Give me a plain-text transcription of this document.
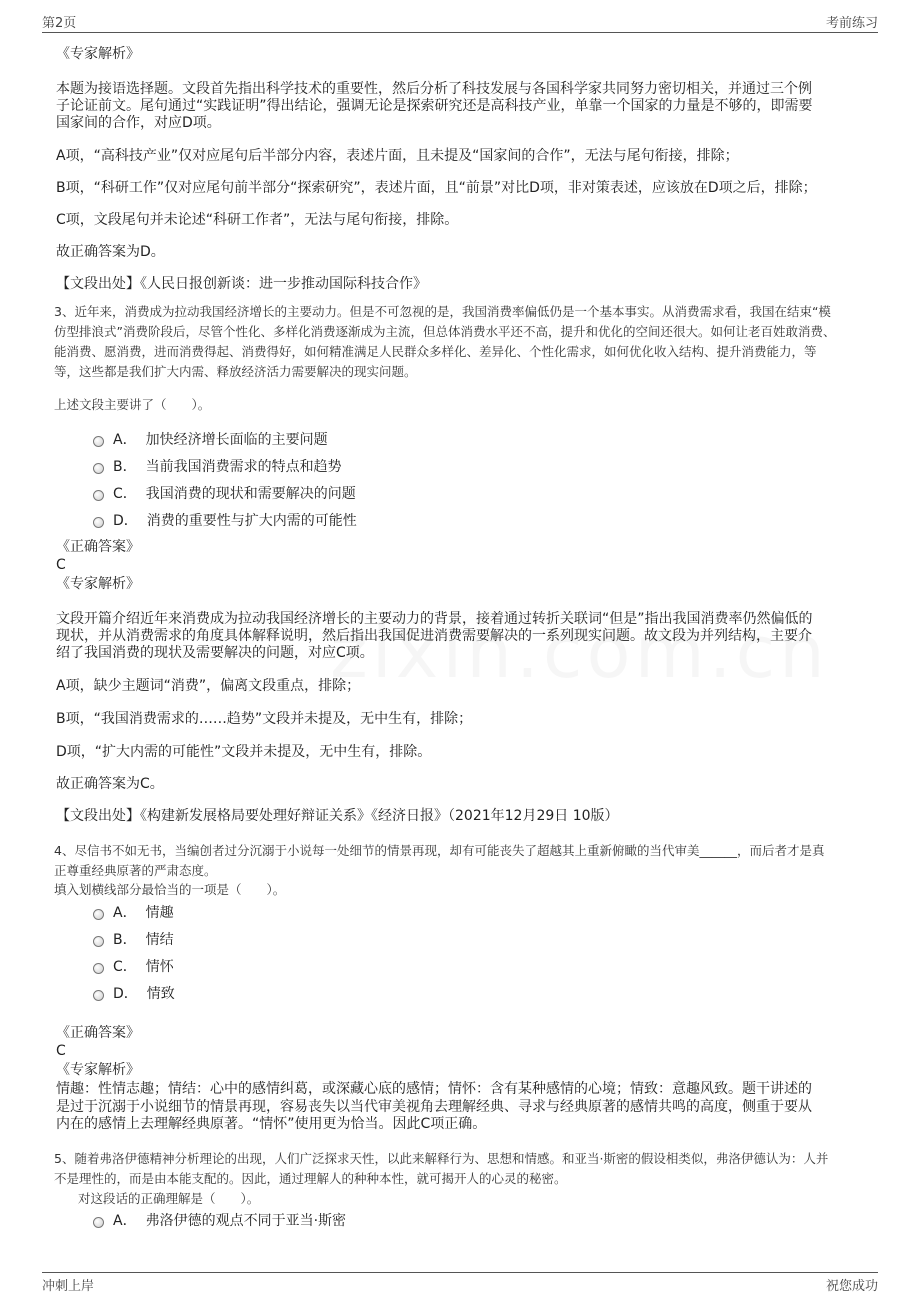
第2页	考前练习
《专家解析》
本题为接语选择题。文段首先指出科学技术的重要性，然后分析了科技发展与各国科学家共同努力密切相关，并通过三个例
子论证前文。尾句通过“实践证明”得出结论，强调无论是探索研究还是高科技产业，单靠一个国家的力量是不够的，即需要
国家间的合作，对应D项。
A项，“高科技产业”仅对应尾句后半部分内容，表述片面，且未提及“国家间的合作”，无法与尾句衔接，排除；
B项，“科研工作”仅对应尾句前半部分“探索研究”，表述片面，且“前景”对比D项，非对策表述，应该放在D项之后，排除；
C项，文段尾句并未论述“科研工作者”，无法与尾句衔接，排除。
故正确答案为D。
【文段出处】《人民日报创新谈：进一步推动国际科技合作》
3、近年来，消费成为拉动我国经济增长的主要动力。但是不可忽视的是，我国消费率偏低仍是一个基本事实。从消费需求看，我国在结束“模
仿型排浪式”消费阶段后，尽管个性化、多样化消费逐渐成为主流，但总体消费水平还不高，提升和优化的空间还很大。如何让老百姓敢消费、
能消费、愿消费，进而消费得起、消费得好，如何精准满足人民群众多样化、差异化、个性化需求，如何优化收入结构、提升消费能力，等
等，这些都是我们扩大内需、释放经济活力需要解决的现实问题。
上述文段主要讲了（　　）。
A． 加快经济增长面临的主要问题
B． 当前我国消费需求的特点和趋势
C． 我国消费的现状和需要解决的问题
D． 消费的重要性与扩大内需的可能性
《正确答案》
C
《专家解析》
文段开篇介绍近年来消费成为拉动我国经济增长的主要动力的背景，接着通过转折关联词“但是”指出我国消费率仍然偏低的
现状，并从消费需求的角度具体解释说明，然后指出我国促进消费需要解决的一系列现实问题。故文段为并列结构，主要介
绍了我国消费的现状及需要解决的问题，对应C项。
A项，缺少主题词“消费”，偏离文段重点，排除；
B项，“我国消费需求的……趋势”文段并未提及，无中生有，排除；
D项，“扩大内需的可能性”文段并未提及，无中生有，排除。
故正确答案为C。
【文段出处】《构建新发展格局要处理好辩证关系》《经济日报》（2021年12月29日 10版）
4、尽信书不如无书，当编创者过分沉溺于小说每一处细节的情景再现，却有可能丧失了超越其上重新俯瞰的当代审美______，而后者才是真
正尊重经典原著的严肃态度。
填入划横线部分最恰当的一项是（　　）。
A． 情趣
B． 情结
C． 情怀
D． 情致
《正确答案》
C
《专家解析》
情趣：性情志趣；情结：心中的感情纠葛，或深藏心底的感情；情怀：含有某种感情的心境；情致：意趣风致。题干讲述的
是过于沉溺于小说细节的情景再现，容易丧失以当代审美视角去理解经典、寻求与经典原著的感情共鸣的高度，侧重于要从
内在的感情上去理解经典原著。“情怀”使用更为恰当。因此C项正确。
5、随着弗洛伊德精神分析理论的出现，人们广泛探求天性，以此来解释行为、思想和情感。和亚当·斯密的假设相类似，弗洛伊德认为：人并
不是理性的，而是由本能支配的。因此，通过理解人的种种本性，就可揭开人的心灵的秘密。
对这段话的正确理解是（　　）。
A． 弗洛伊德的观点不同于亚当·斯密
冲刺上岸	祝您成功
